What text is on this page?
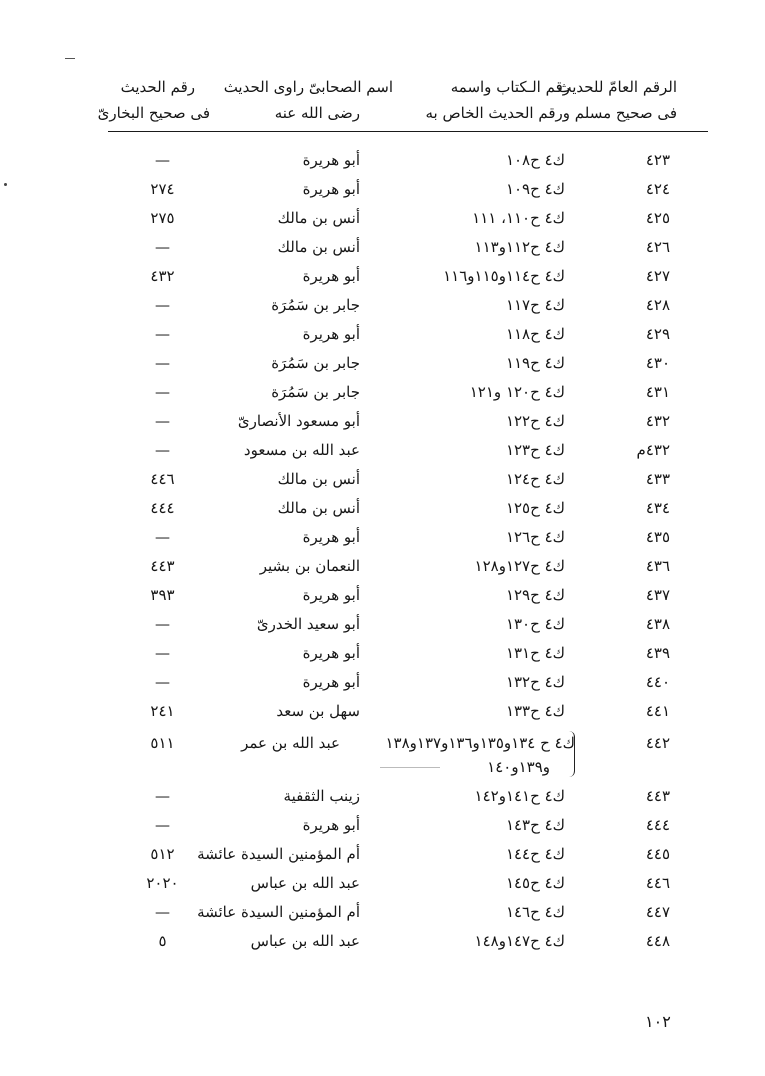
الرقم العامّ للحديث
فى صحيح مسلم
رقم الـكتاب واسمه
ورقم الحديث الخاص به
اسم الصحابىّ راوى الحديث
رضى الله عنه
رقم الحديث
فى صحيح البخارىّ
٤٢٣
ك٤ ح١٠٨
أبو هريرة
—
٤٢٤
ك٤ ح١٠٩
أبو هريرة
٢٧٤
٤٢٥
ك٤ ح١١٠، ١١١
أنس بن مالك
٢٧٥
٤٢٦
ك٤ ح١١٢و١١٣
أنس بن مالك
—
٤٢٧
ك٤ ح١١٤و١١٥و١١٦
أبو هريرة
٤٣٢
٤٢٨
ك٤ ح١١٧
جابر بن سَمُرَة
—
٤٢٩
ك٤ ح١١٨
أبو هريرة
—
٤٣٠
ك٤ ح١١٩
جابر بن سَمُرَة
—
٤٣١
ك٤ ح١٢٠ و١٢١
جابر بن سَمُرَة
—
٤٣٢
ك٤ ح١٢٢
أبو مسعود الأنصارىّ
—
٤٣٢م
ك٤ ح١٢٣
عبد الله بن مسعود
—
٤٣٣
ك٤ ح١٢٤
أنس بن مالك
٤٤٦
٤٣٤
ك٤ ح١٢٥
أنس بن مالك
٤٤٤
٤٣٥
ك٤ ح١٢٦
أبو هريرة
—
٤٣٦
ك٤ ح١٢٧و١٢٨
النعمان بن بشير
٤٤٣
٤٣٧
ك٤ ح١٢٩
أبو هريرة
٣٩٣
٤٣٨
ك٤ ح١٣٠
أبو سعيد الخدرىّ
—
٤٣٩
ك٤ ح١٣١
أبو هريرة
—
٤٤٠
ك٤ ح١٣٢
أبو هريرة
—
٤٤١
ك٤ ح١٣٣
سهل بن سعد
٢٤١
٤٤٢
ك٤ ح ١٣٤و١٣٥و١٣٦و١٣٧و١٣٨
عبد الله بن عمر
٥١١
و١٣٩و١٤٠
٤٤٣
ك٤ ح١٤١و١٤٢
زينب الثقفية
—
٤٤٤
ك٤ ح١٤٣
أبو هريرة
—
٤٤٥
ك٤ ح١٤٤
أم المؤمنين السيدة عائشة
٥١٢
٤٤٦
ك٤ ح١٤٥
عبد الله بن عباس
٢٠٢٠
٤٤٧
ك٤ ح١٤٦
أم المؤمنين السيدة عائشة
—
٤٤٨
ك٤ ح١٤٧و١٤٨
عبد الله بن عباس
٥
١٠٢
